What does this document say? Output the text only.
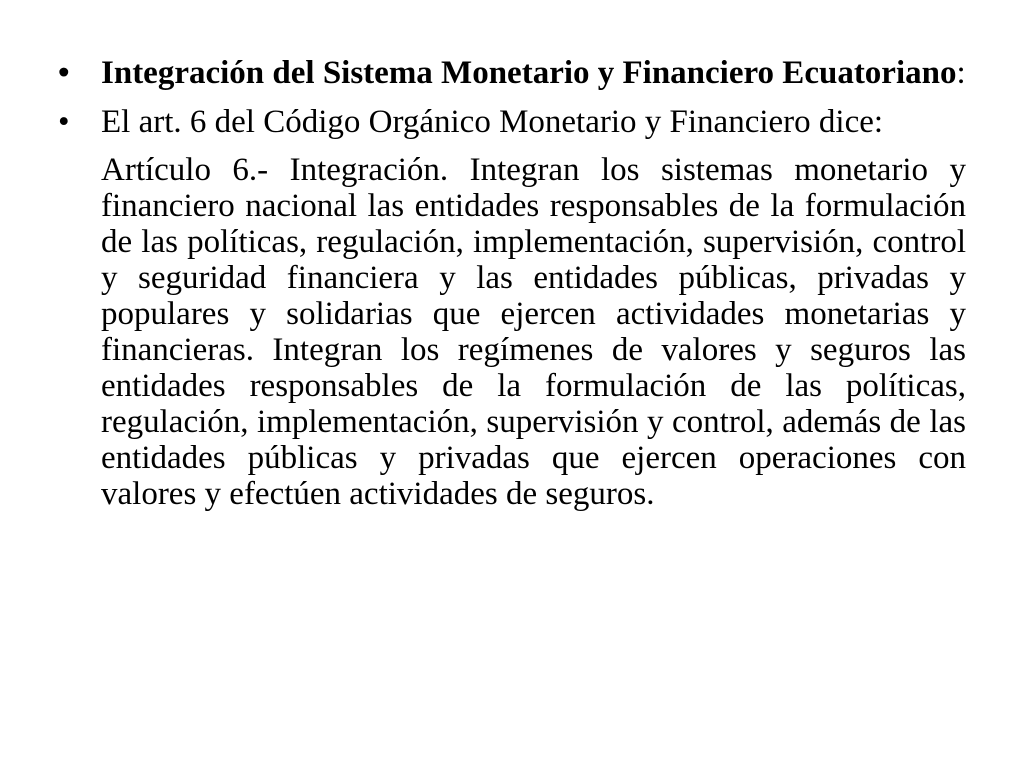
• Integración del Sistema Monetario y Financiero Ecuatoriano:
• El art. 6 del Código Orgánico Monetario y Financiero dice:
Artículo 6.- Integración. Integran los sistemas monetario y financiero nacional las entidades responsables de la formulación de las políticas, regulación, implementación, supervisión, control y seguridad financiera y las entidades públicas, privadas y populares y solidarias que ejercen actividades monetarias y financieras. Integran los regímenes de valores y seguros las entidades responsables de la formulación de las políticas, regulación, implementación, supervisión y control, además de las entidades públicas y privadas que ejercen operaciones con valores y efectúen actividades de seguros.
